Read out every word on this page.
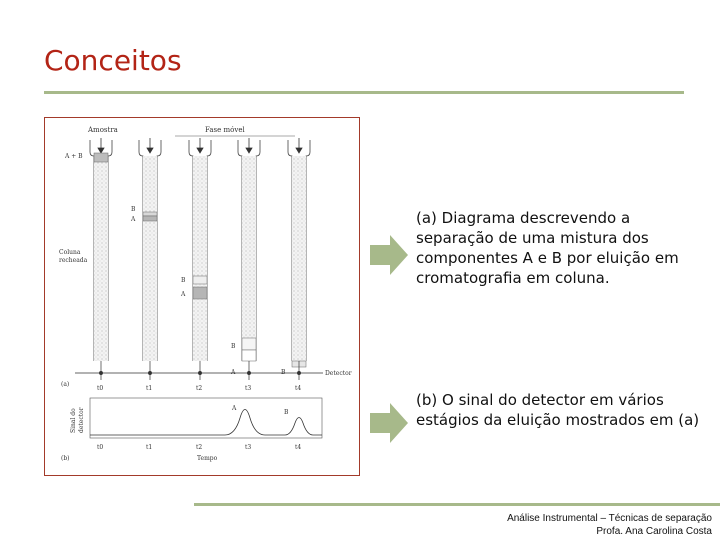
Conceitos
Amostra	Fase móvel
A + B
B
A
B
A
B
A	B
Coluna
recheada
Detector
(a)
t0	t1	t2	t3	t4
Sinal do detector	A
B
(b)
t0	t1	t2	t3	t4
Tempo
(a) Diagrama descrevendo a separação de uma mistura dos componentes A e B por eluição em cromatografia em coluna.
(b) O sinal do detector em vários estágios da eluição mostrados em (a)
Análise Instrumental – Técnicas de separação
Profa. Ana Carolina Costa
